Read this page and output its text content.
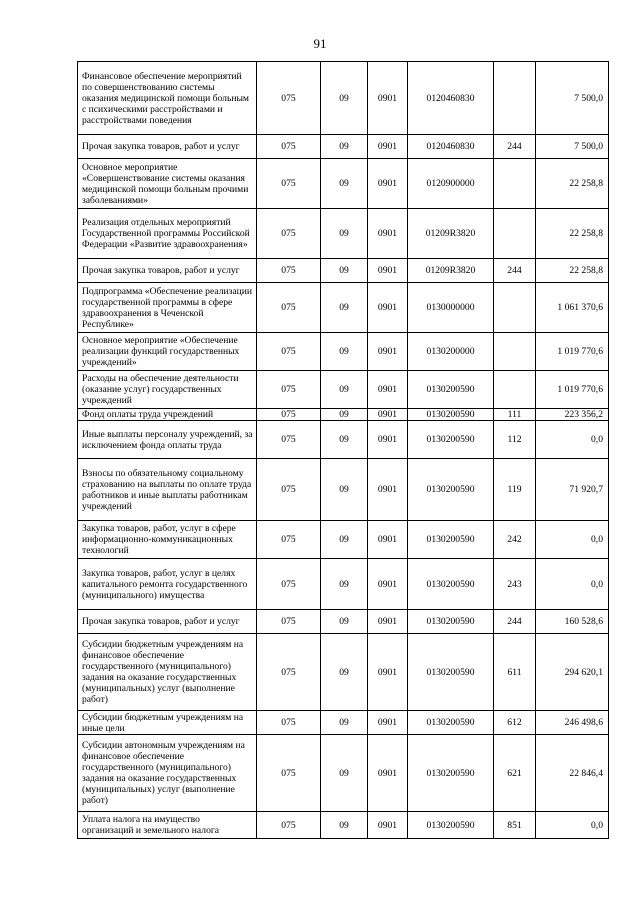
91
Финансовое обеспечение мероприятий по совершенствованию системы оказания медицинской помощи больным с психическими расстройствами и расстройствами поведения	075	09	0901	0120460830		7 500,0
Прочая закупка товаров, работ и услуг	075	09	0901	0120460830	244	7 500,0
Основное мероприятие «Совершенствование системы оказания медицинской помощи больным прочими заболеваниями»	075	09	0901	0120900000		22 258,8
Реализация отдельных мероприятий Государственной программы Российской Федерации «Развитие здравоохранения»	075	09	0901	01209R3820		22 258,8
Прочая закупка товаров, работ и услуг	075	09	0901	01209R3820	244	22 258,8
Подпрограмма «Обеспечение реализации государственной программы в сфере здравоохранения в Чеченской Республике»	075	09	0901	0130000000		1 061 370,6
Основное мероприятие «Обеспечение реализации функций государственных учреждений»	075	09	0901	0130200000		1 019 770,6
Расходы на обеспечение деятельности (оказание услуг) государственных учреждений	075	09	0901	0130200590		1 019 770,6
Фонд оплаты труда учреждений	075	09	0901	0130200590	111	223 356,2
Иные выплаты персоналу учреждений, за исключением фонда оплаты труда	075	09	0901	0130200590	112	0,0
Взносы по обязательному социальному страхованию на выплаты по оплате труда работников и иные выплаты работникам учреждений	075	09	0901	0130200590	119	71 920,7
Закупка товаров, работ, услуг в сфере информационно-коммуникационных технологий	075	09	0901	0130200590	242	0,0
Закупка товаров, работ, услуг в целях капитального ремонта государственного (муниципального) имущества	075	09	0901	0130200590	243	0,0
Прочая закупка товаров, работ и услуг	075	09	0901	0130200590	244	160 528,6
Субсидии бюджетным учреждениям на финансовое обеспечение государственного (муниципального) задания на оказание государственных (муниципальных) услуг (выполнение работ)	075	09	0901	0130200590	611	294 620,1
Субсидии бюджетным учреждениям на иные цели	075	09	0901	0130200590	612	246 498,6
Субсидии автономным учреждениям на финансовое обеспечение государственного (муниципального) задания на оказание государственных (муниципальных) услуг (выполнение работ)	075	09	0901	0130200590	621	22 846,4
Уплата налога на имущество организаций и земельного налога	075	09	0901	0130200590	851	0,0
